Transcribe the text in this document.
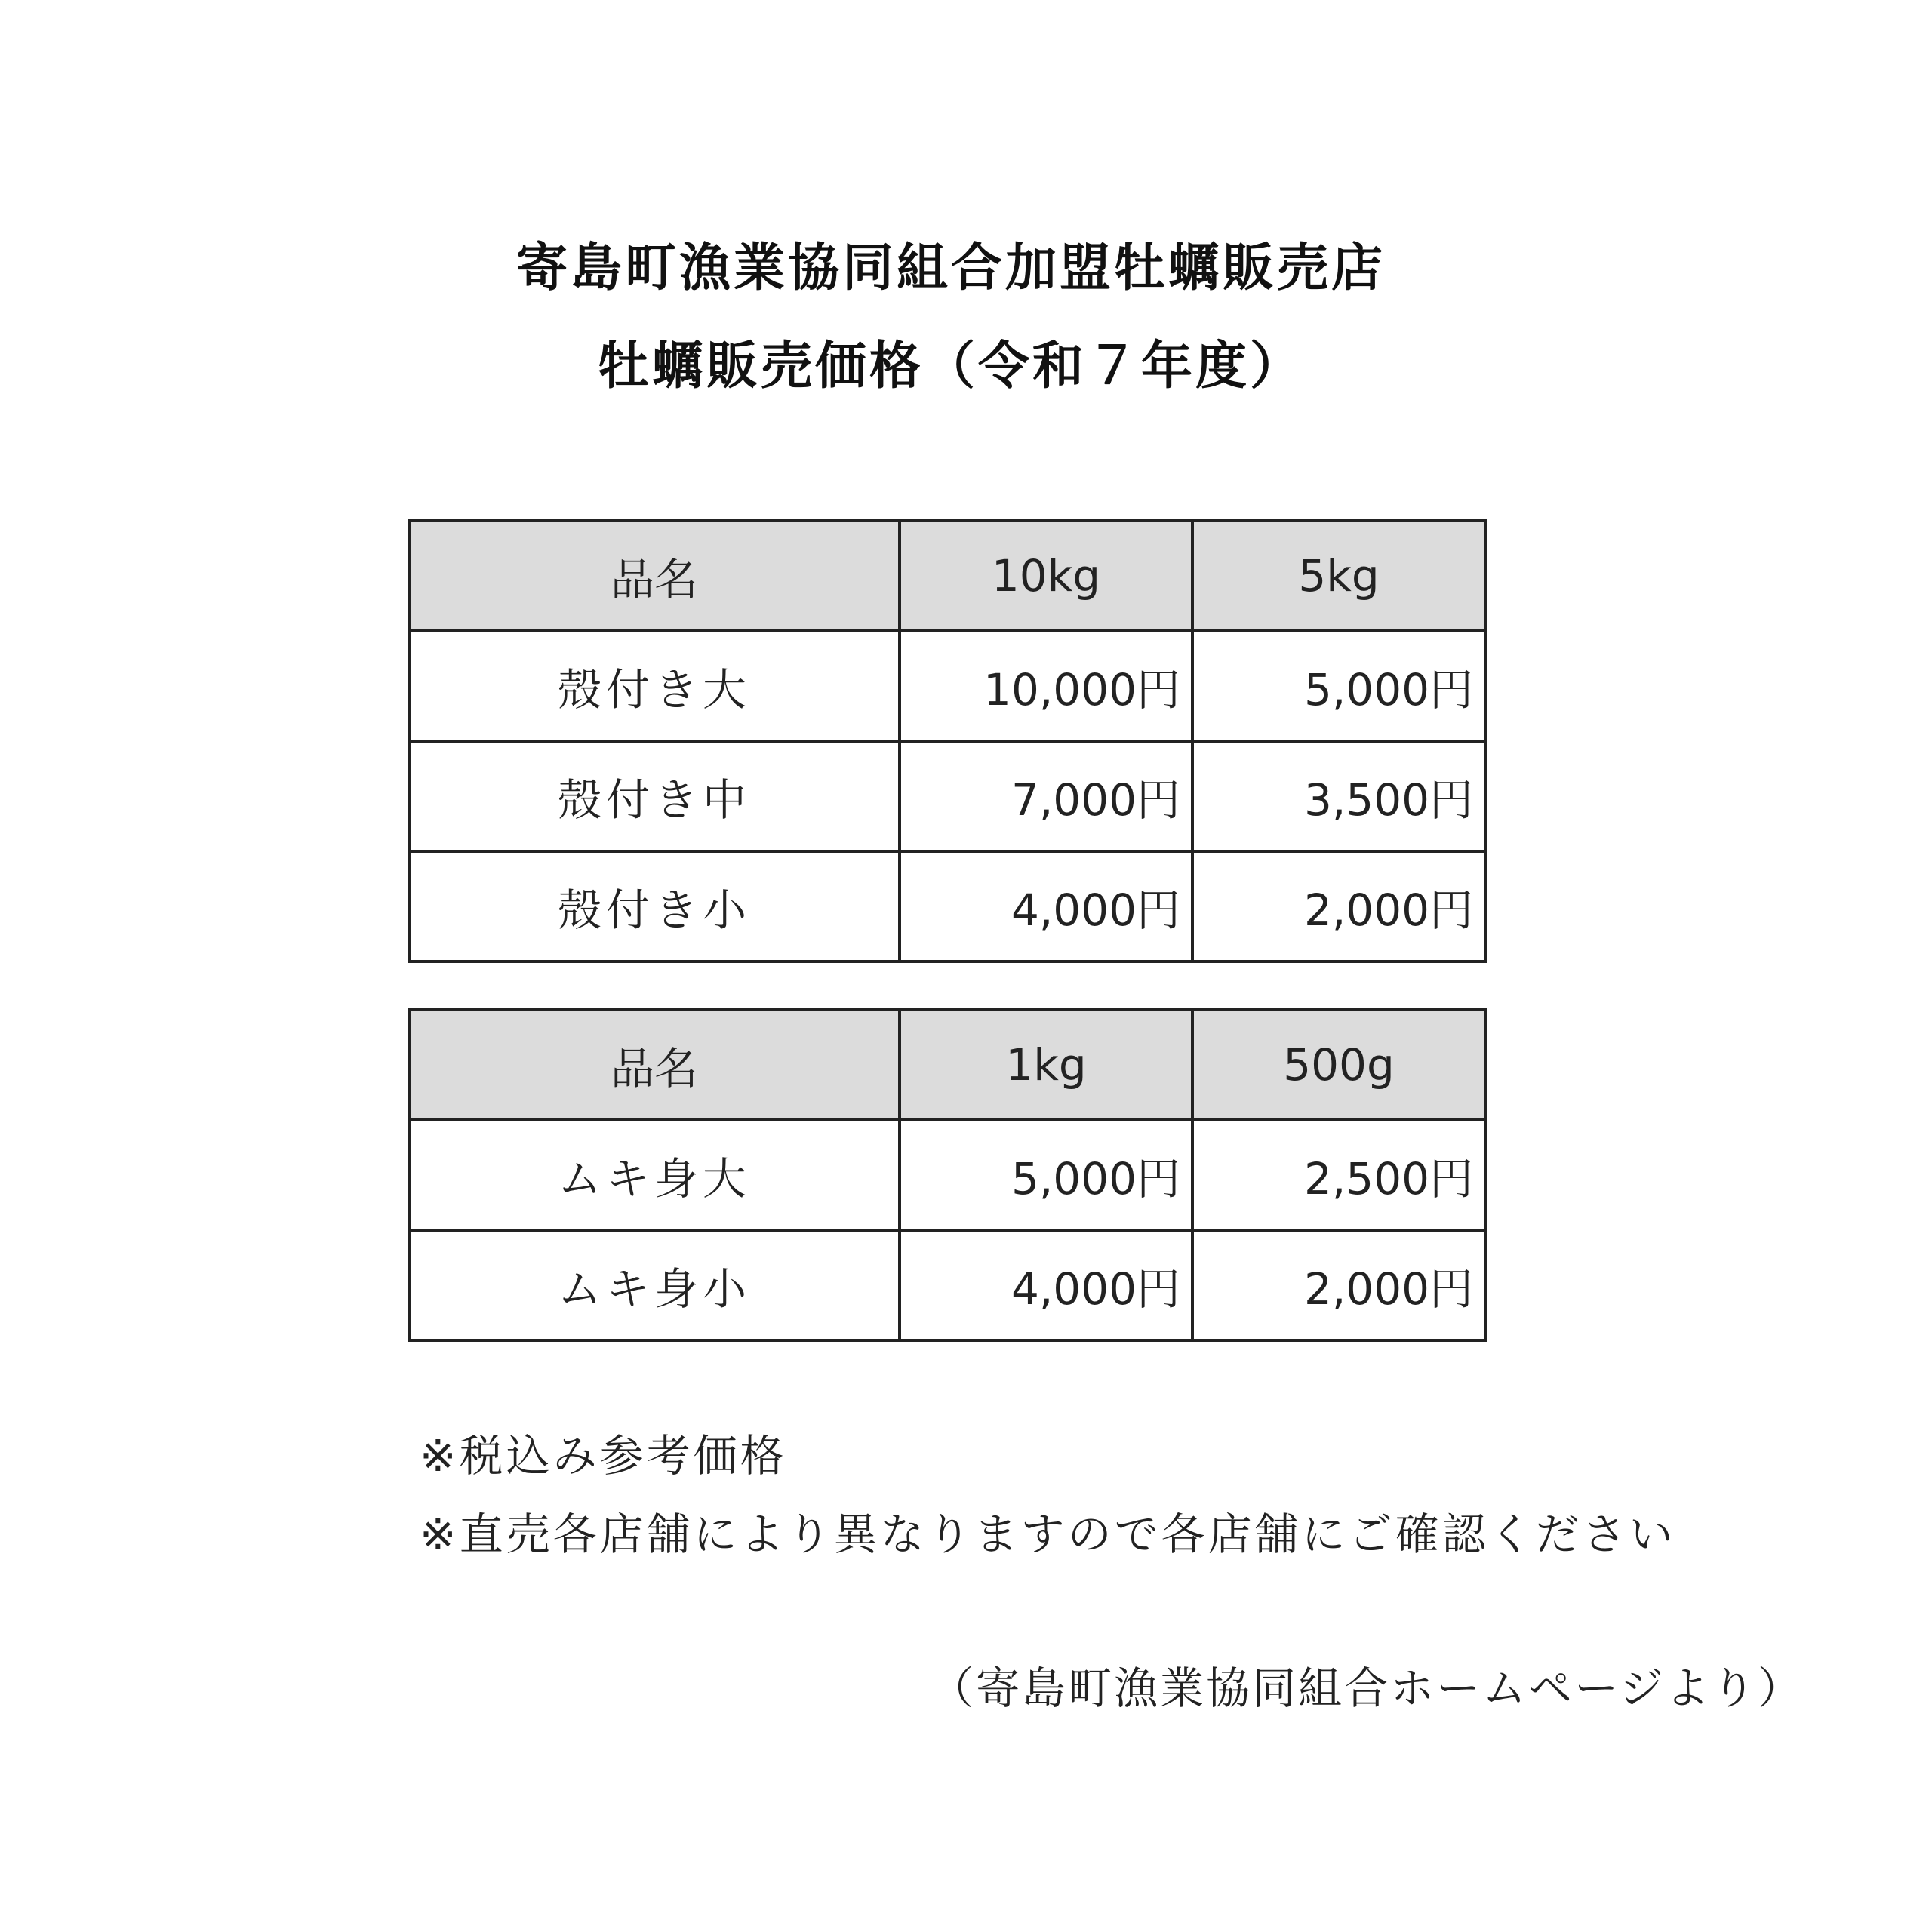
寄島町漁業協同組合加盟牡蠣販売店
牡蠣販売価格（令和７年度）
品名	10kg	5kg
殻付き大	10,000円	5,000円
殻付き中	7,000円	3,500円
殻付き小	4,000円	2,000円
品名	1kg	500g
ムキ身大	5,000円	2,500円
ムキ身小	4,000円	2,000円
※税込み参考価格
※直売各店舗により異なりますので各店舗にご確認ください
（寄島町漁業協同組合ホームページより）
